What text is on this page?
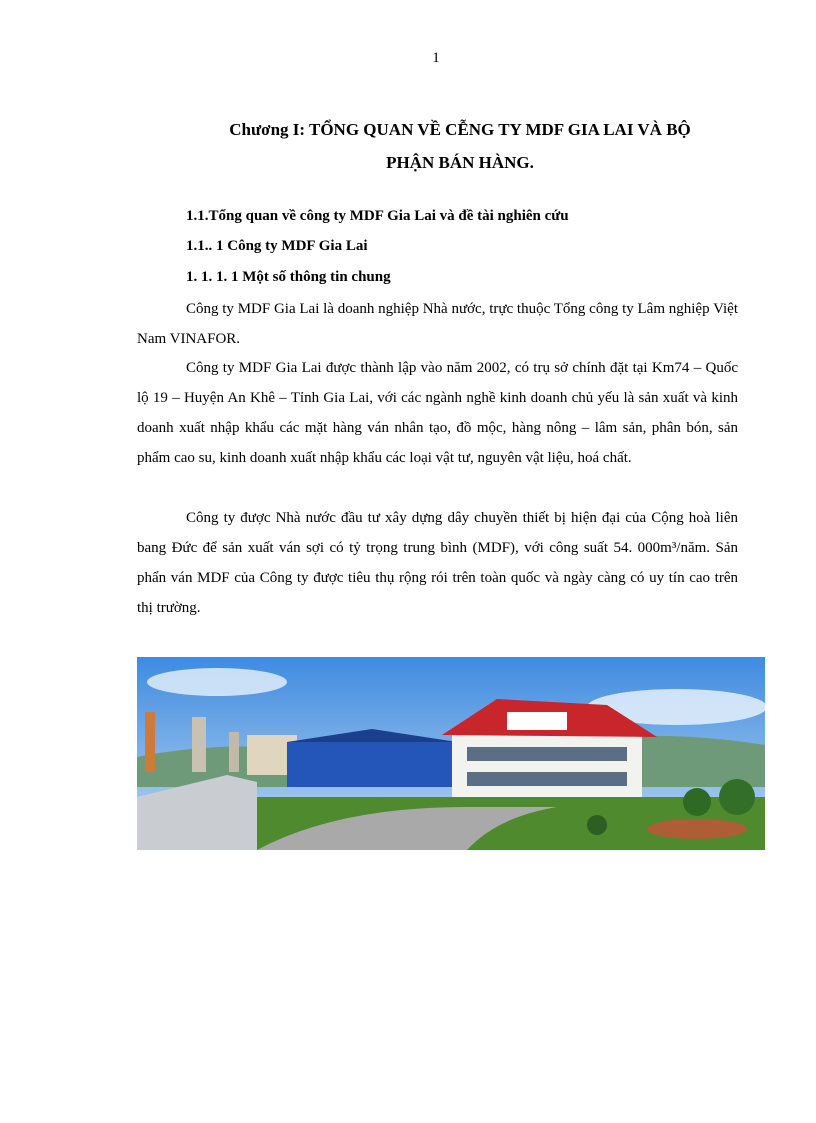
1
Chương I: TỔNG QUAN VỀ CỄNG TY MDF GIA LAI VÀ BỘ
PHẬN BÁN HÀNG.
1.1.Tổng quan về công ty MDF Gia Lai và đề tài nghiên cứu
1.1.. 1 Công ty MDF Gia Lai
1. 1. 1. 1 Một số thông tin chung

Công ty MDF Gia Lai là doanh nghiệp Nhà nước, trực thuộc Tổng công ty Lâm nghiệp Việt Nam VINAFOR.

Công ty MDF Gia Lai được thành lập vào năm 2002, có trụ sở chính đặt tại Km74 – Quốc lộ 19 – Huyện An Khê – Tỉnh Gia Lai, với các ngành nghề kinh doanh chủ yếu là sản xuất và kinh doanh xuất nhập khẩu các mặt hàng ván nhân tạo, đồ mộc, hàng nông – lâm sản, phân bón, sản phẩm cao su, kinh doanh xuất nhập khẩu các loại vật tư, nguyên vật liệu, hoá chất.

Công ty được Nhà nước đầu tư xây dựng dây chuyền thiết bị hiện đại của Cộng hoà liên bang Đức để sản xuất ván sợi có tỷ trọng trung bình (MDF), với công suất 54. 000m³/năm. Sản phẩn ván MDF của Công ty được tiêu thụ rộng rói trên toàn quốc và ngày càng có uy tín cao trên thị trường.
